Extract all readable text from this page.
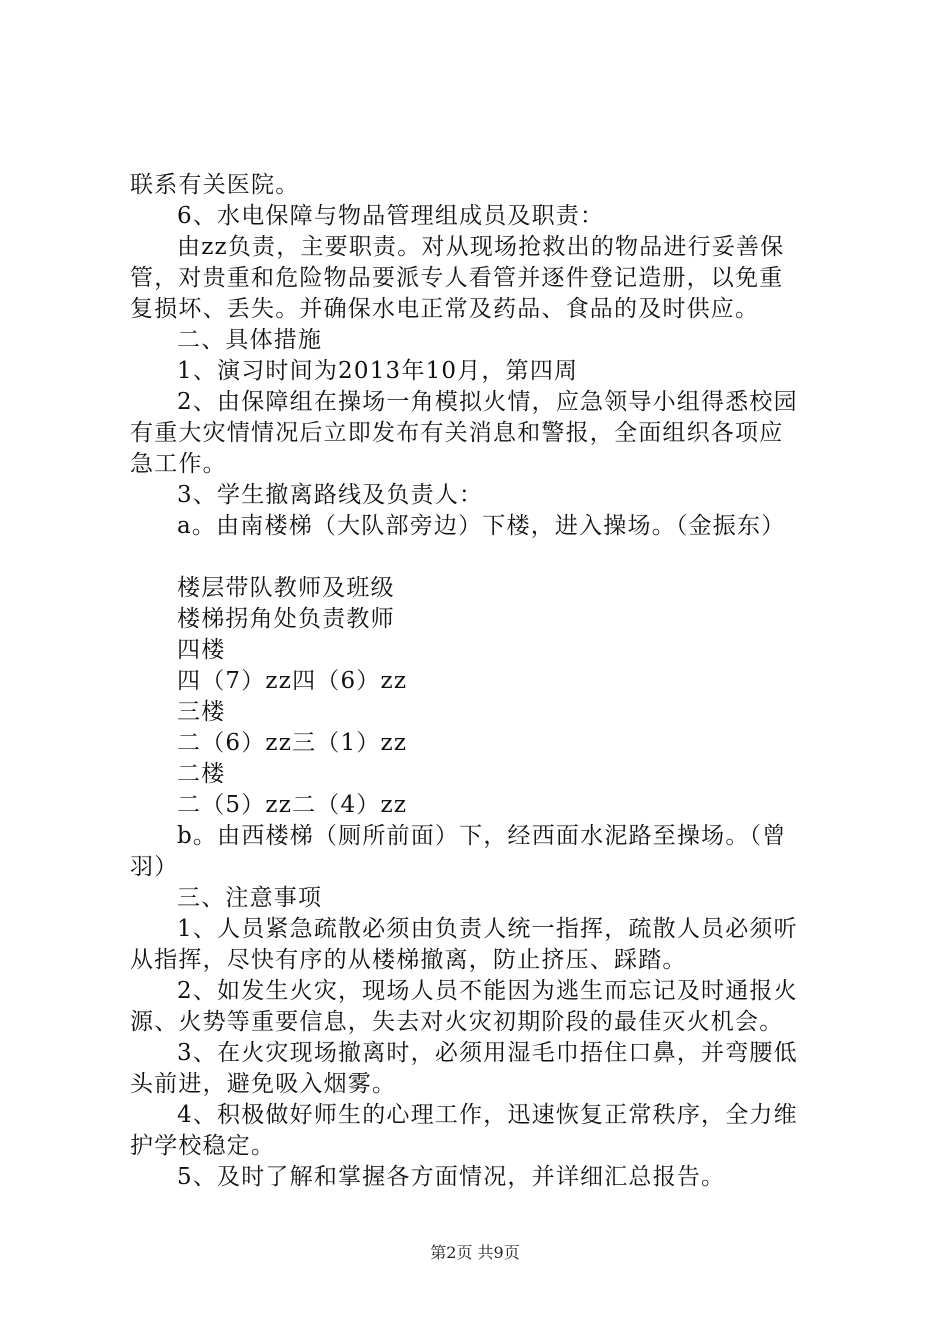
联系有关医院。
6、水电保障与物品管理组成员及职责：
由zz负责，主要职责。对从现场抢救出的物品进行妥善保
管，对贵重和危险物品要派专人看管并逐件登记造册，以免重
复损坏、丢失。并确保水电正常及药品、食品的及时供应。
二、具体措施
1、演习时间为2013年10月，第四周
2、由保障组在操场一角模拟火情，应急领导小组得悉校园
有重大灾情情况后立即发布有关消息和警报，全面组织各项应
急工作。
3、学生撤离路线及负责人：
a。由南楼梯（大队部旁边）下楼，进入操场。（金振东）
楼层带队教师及班级
楼梯拐角处负责教师
四楼
四（7）zz四（6）zz
三楼
二（6）zz三（1）zz
二楼
二（5）zz二（4）zz
b。由西楼梯（厕所前面）下，经西面水泥路至操场。（曾
羽）
三、注意事项
1、人员紧急疏散必须由负责人统一指挥，疏散人员必须听
从指挥，尽快有序的从楼梯撤离，防止挤压、踩踏。
2、如发生火灾，现场人员不能因为逃生而忘记及时通报火
源、火势等重要信息，失去对火灾初期阶段的最佳灭火机会。
3、在火灾现场撤离时，必须用湿毛巾捂住口鼻，并弯腰低
头前进，避免吸入烟雾。
4、积极做好师生的心理工作，迅速恢复正常秩序，全力维
护学校稳定。
5、及时了解和掌握各方面情况，并详细汇总报告。
第2页 共9页
